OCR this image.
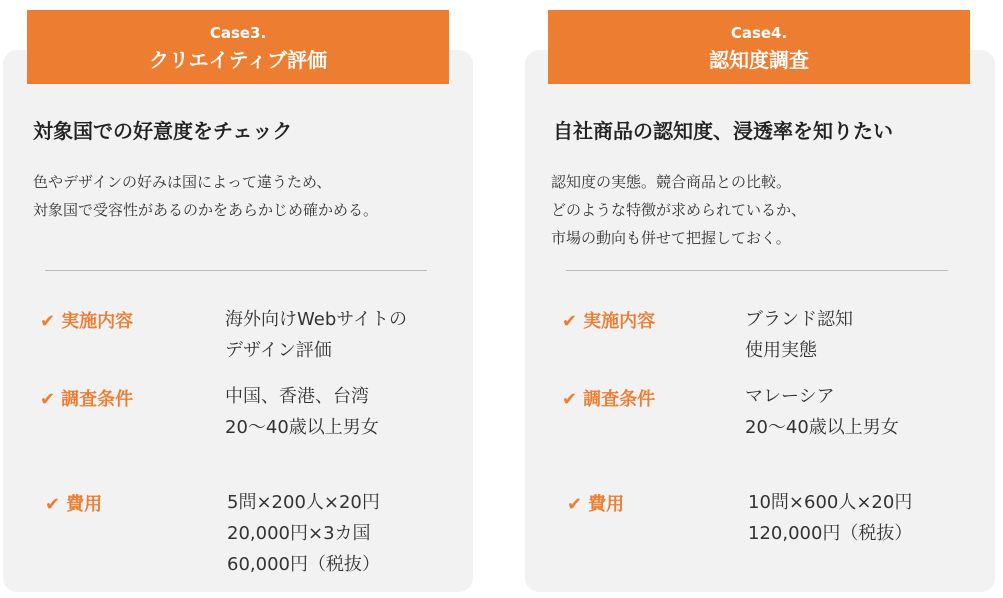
Case3.
クリエイティブ評価
Case4.
認知度調査
対象国での好意度をチェック
色やデザインの好みは国によって違うため、
対象国で受容性があるのかをあらかじめ確かめる。
✔ 実施内容	海外向けWebサイトの
デザイン評価
✔ 調査条件	中国、香港、台湾
20〜40歳以上男女
✔ 費用	5問×200人×20円
20,000円×3カ国
60,000円（税抜）
自社商品の認知度、浸透率を知りたい
認知度の実態。競合商品との比較。
どのような特徴が求められているか、
市場の動向も併せて把握しておく。
✔ 実施内容	ブランド認知
使用実態
✔ 調査条件	マレーシア
20〜40歳以上男女
✔ 費用	10問×600人×20円
120,000円（税抜）
